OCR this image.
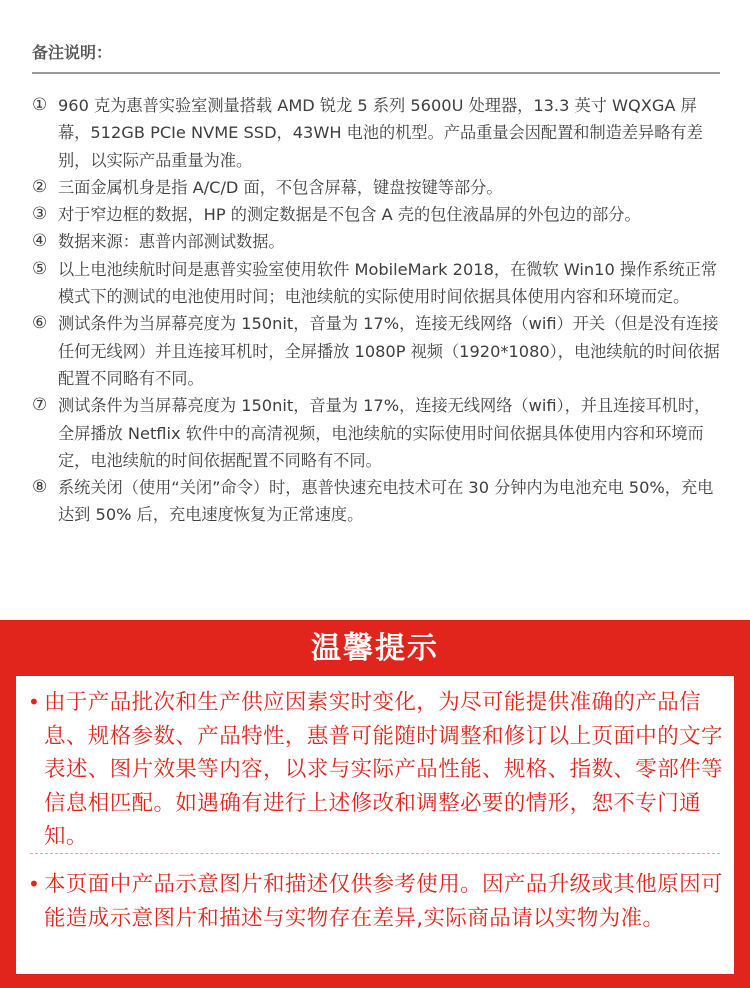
备注说明：
① 960 克为惠普实验室测量搭载 AMD 锐龙 5 系列 5600U 处理器，13.3 英寸 WQXGA 屏幕，512GB PCIe NVME SSD，43WH 电池的机型。产品重量会因配置和制造差异略有差别，以实际产品重量为准。
② 三面金属机身是指 A/C/D 面，不包含屏幕，键盘按键等部分。
③ 对于窄边框的数据，HP 的测定数据是不包含 A 壳的包住液晶屏的外包边的部分。
④ 数据来源：惠普内部测试数据。
⑤ 以上电池续航时间是惠普实验室使用软件 MobileMark 2018，在微软 Win10 操作系统正常模式下的测试的电池使用时间；电池续航的实际使用时间依据具体使用内容和环境而定。
⑥ 测试条件为当屏幕亮度为 150nit，音量为 17%，连接无线网络（wifi）开关（但是没有连接任何无线网）并且连接耳机时，全屏播放 1080P 视频（1920*1080），电池续航的时间依据配置不同略有不同。
⑦ 测试条件为当屏幕亮度为 150nit，音量为 17%，连接无线网络（wifi），并且连接耳机时，全屏播放 Netflix 软件中的高清视频，电池续航的实际使用时间依据具体使用内容和环境而定，电池续航的时间依据配置不同略有不同。
⑧ 系统关闭（使用“关闭”命令）时，惠普快速充电技术可在 30 分钟内为电池充电 50%，充电达到 50% 后，充电速度恢复为正常速度。
温馨提示
• 由于产品批次和生产供应因素实时变化，为尽可能提供准确的产品信息、规格参数、产品特性，惠普可能随时调整和修订以上页面中的文字表述、图片效果等内容，以求与实际产品性能、规格、指数、零部件等信息相匹配。如遇确有进行上述修改和调整必要的情形，恕不专门通知。
• 本页面中产品示意图片和描述仅供参考使用。因产品升级或其他原因可能造成示意图片和描述与实物存在差异,实际商品请以实物为准。
